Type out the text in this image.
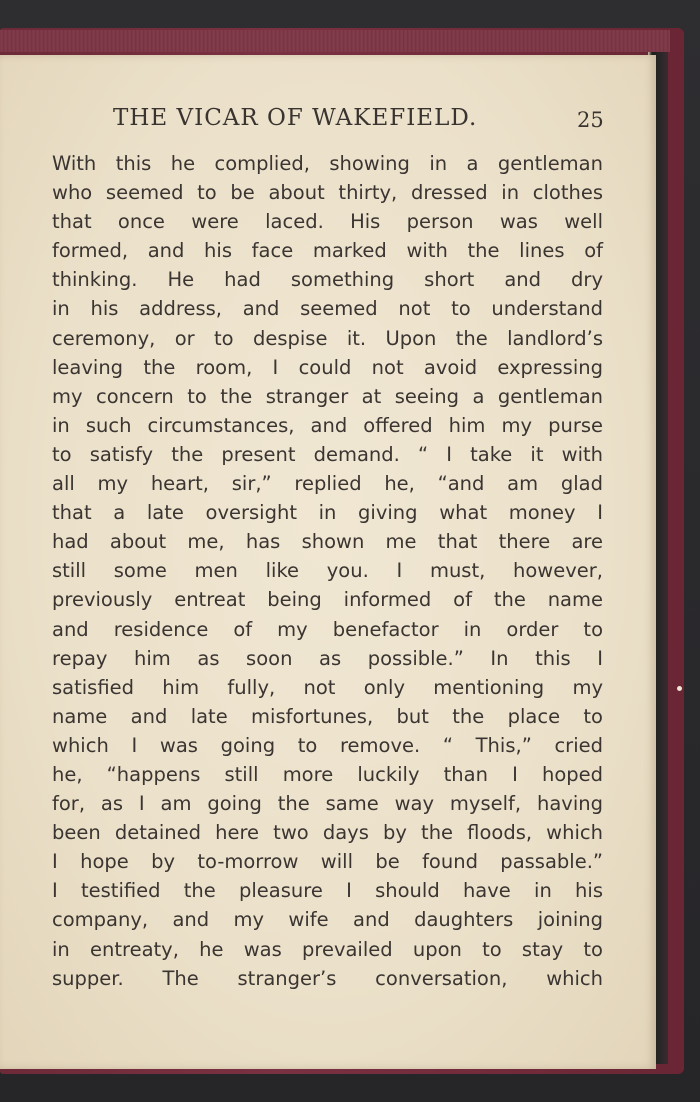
THE VICAR OF WAKEFIELD.	25
With this he complied, showing in a gentleman
who seemed to be about thirty, dressed in clothes
that once were laced. His person was well
formed, and his face marked with the lines of
thinking. He had something short and dry
in his address, and seemed not to understand
ceremony, or to despise it. Upon the landlord’s
leaving the room, I could not avoid expressing
my concern to the stranger at seeing a gentleman
in such circumstances, and offered him my purse
to satisfy the present demand. “ I take it with
all my heart, sir,” replied he, “and am glad
that a late oversight in giving what money I
had about me, has shown me that there are
still some men like you. I must, however,
previously entreat being informed of the name
and residence of my benefactor in order to
repay him as soon as possible.” In this I
satisfied him fully, not only mentioning my
name and late misfortunes, but the place to
which I was going to remove. “ This,” cried
he, “happens still more luckily than I hoped
for, as I am going the same way myself, having
been detained here two days by the floods, which
I hope by to-morrow will be found passable.”
I testified the pleasure I should have in his
company, and my wife and daughters joining
in entreaty, he was prevailed upon to stay to
supper. The stranger’s conversation, which
